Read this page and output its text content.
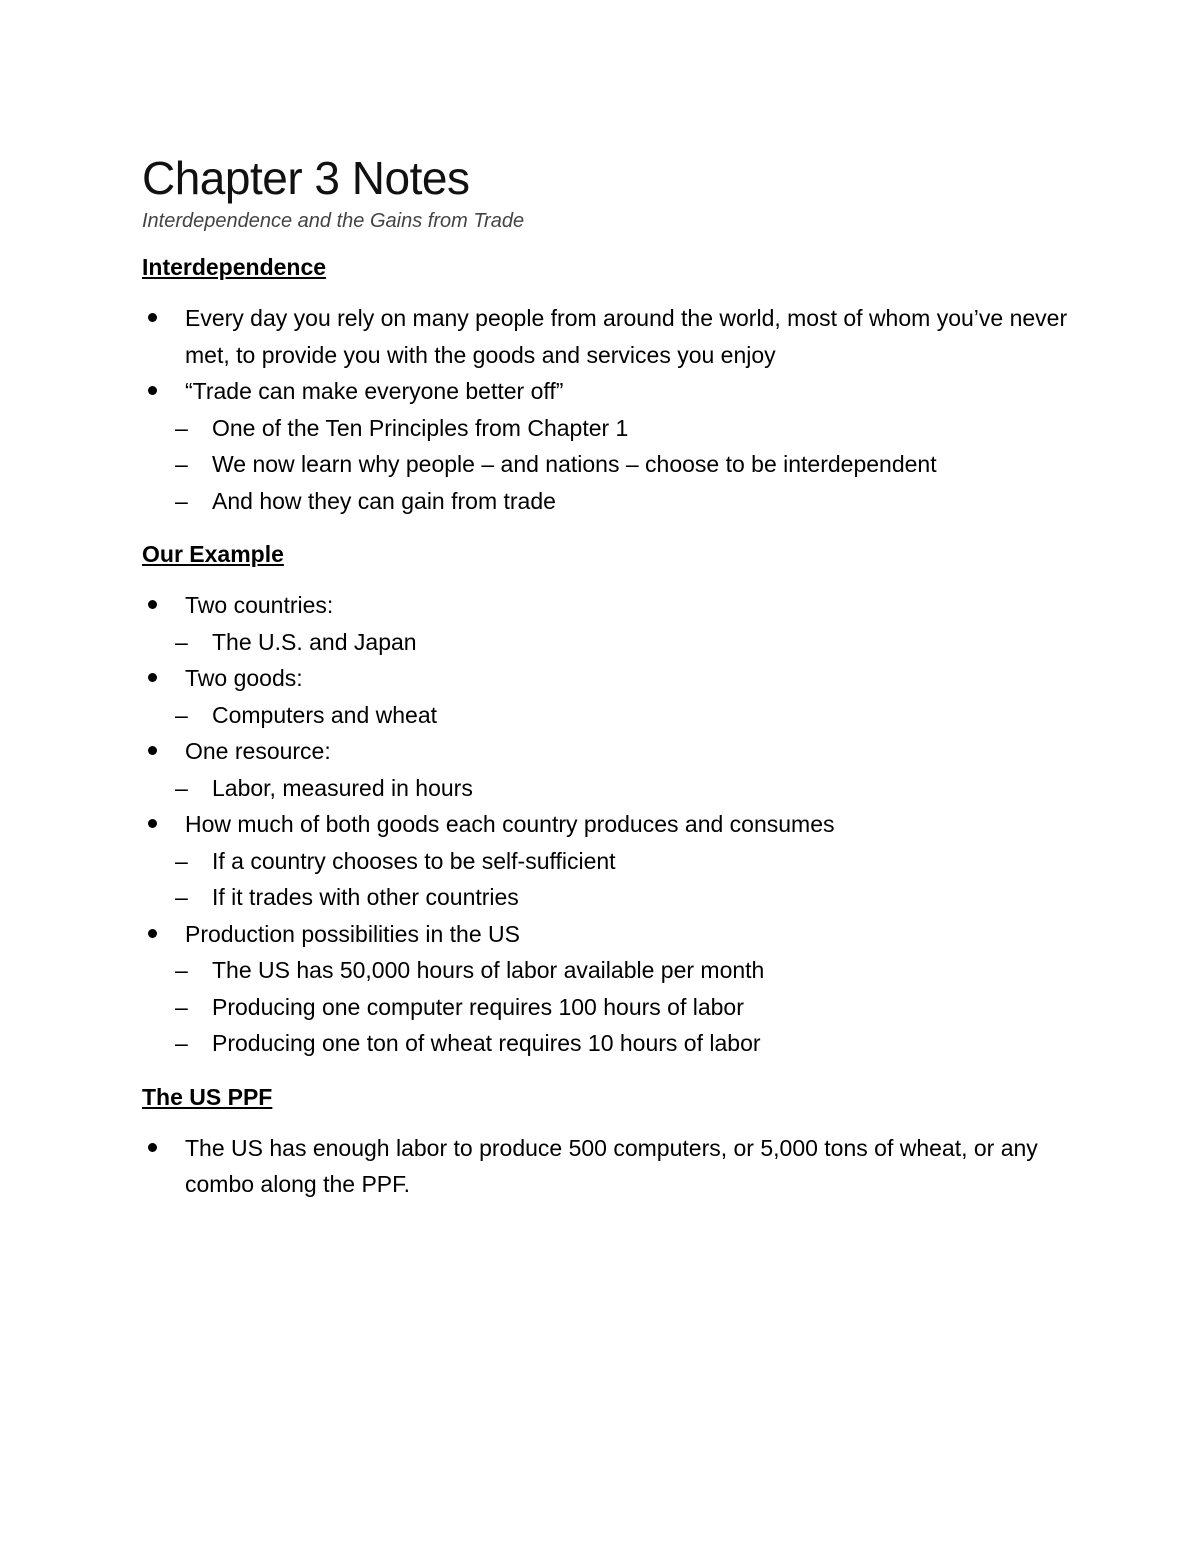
Chapter 3 Notes
Interdependence and the Gains from Trade
Interdependence
Every day you rely on many people from around the world, most of whom you’ve never met, to provide you with the goods and services you enjoy
“Trade can make everyone better off”
– One of the Ten Principles from Chapter 1
– We now learn why people – and nations – choose to be interdependent
– And how they can gain from trade
Our Example
Two countries:
– The U.S. and Japan
Two goods:
– Computers and wheat
One resource:
– Labor, measured in hours
How much of both goods each country produces and consumes
– If a country chooses to be self-sufficient
– If it trades with other countries
Production possibilities in the US
– The US has 50,000 hours of labor available per month
– Producing one computer requires 100 hours of labor
– Producing one ton of wheat requires 10 hours of labor
The US PPF
The US has enough labor to produce 500 computers, or 5,000 tons of wheat, or any combo along the PPF.
